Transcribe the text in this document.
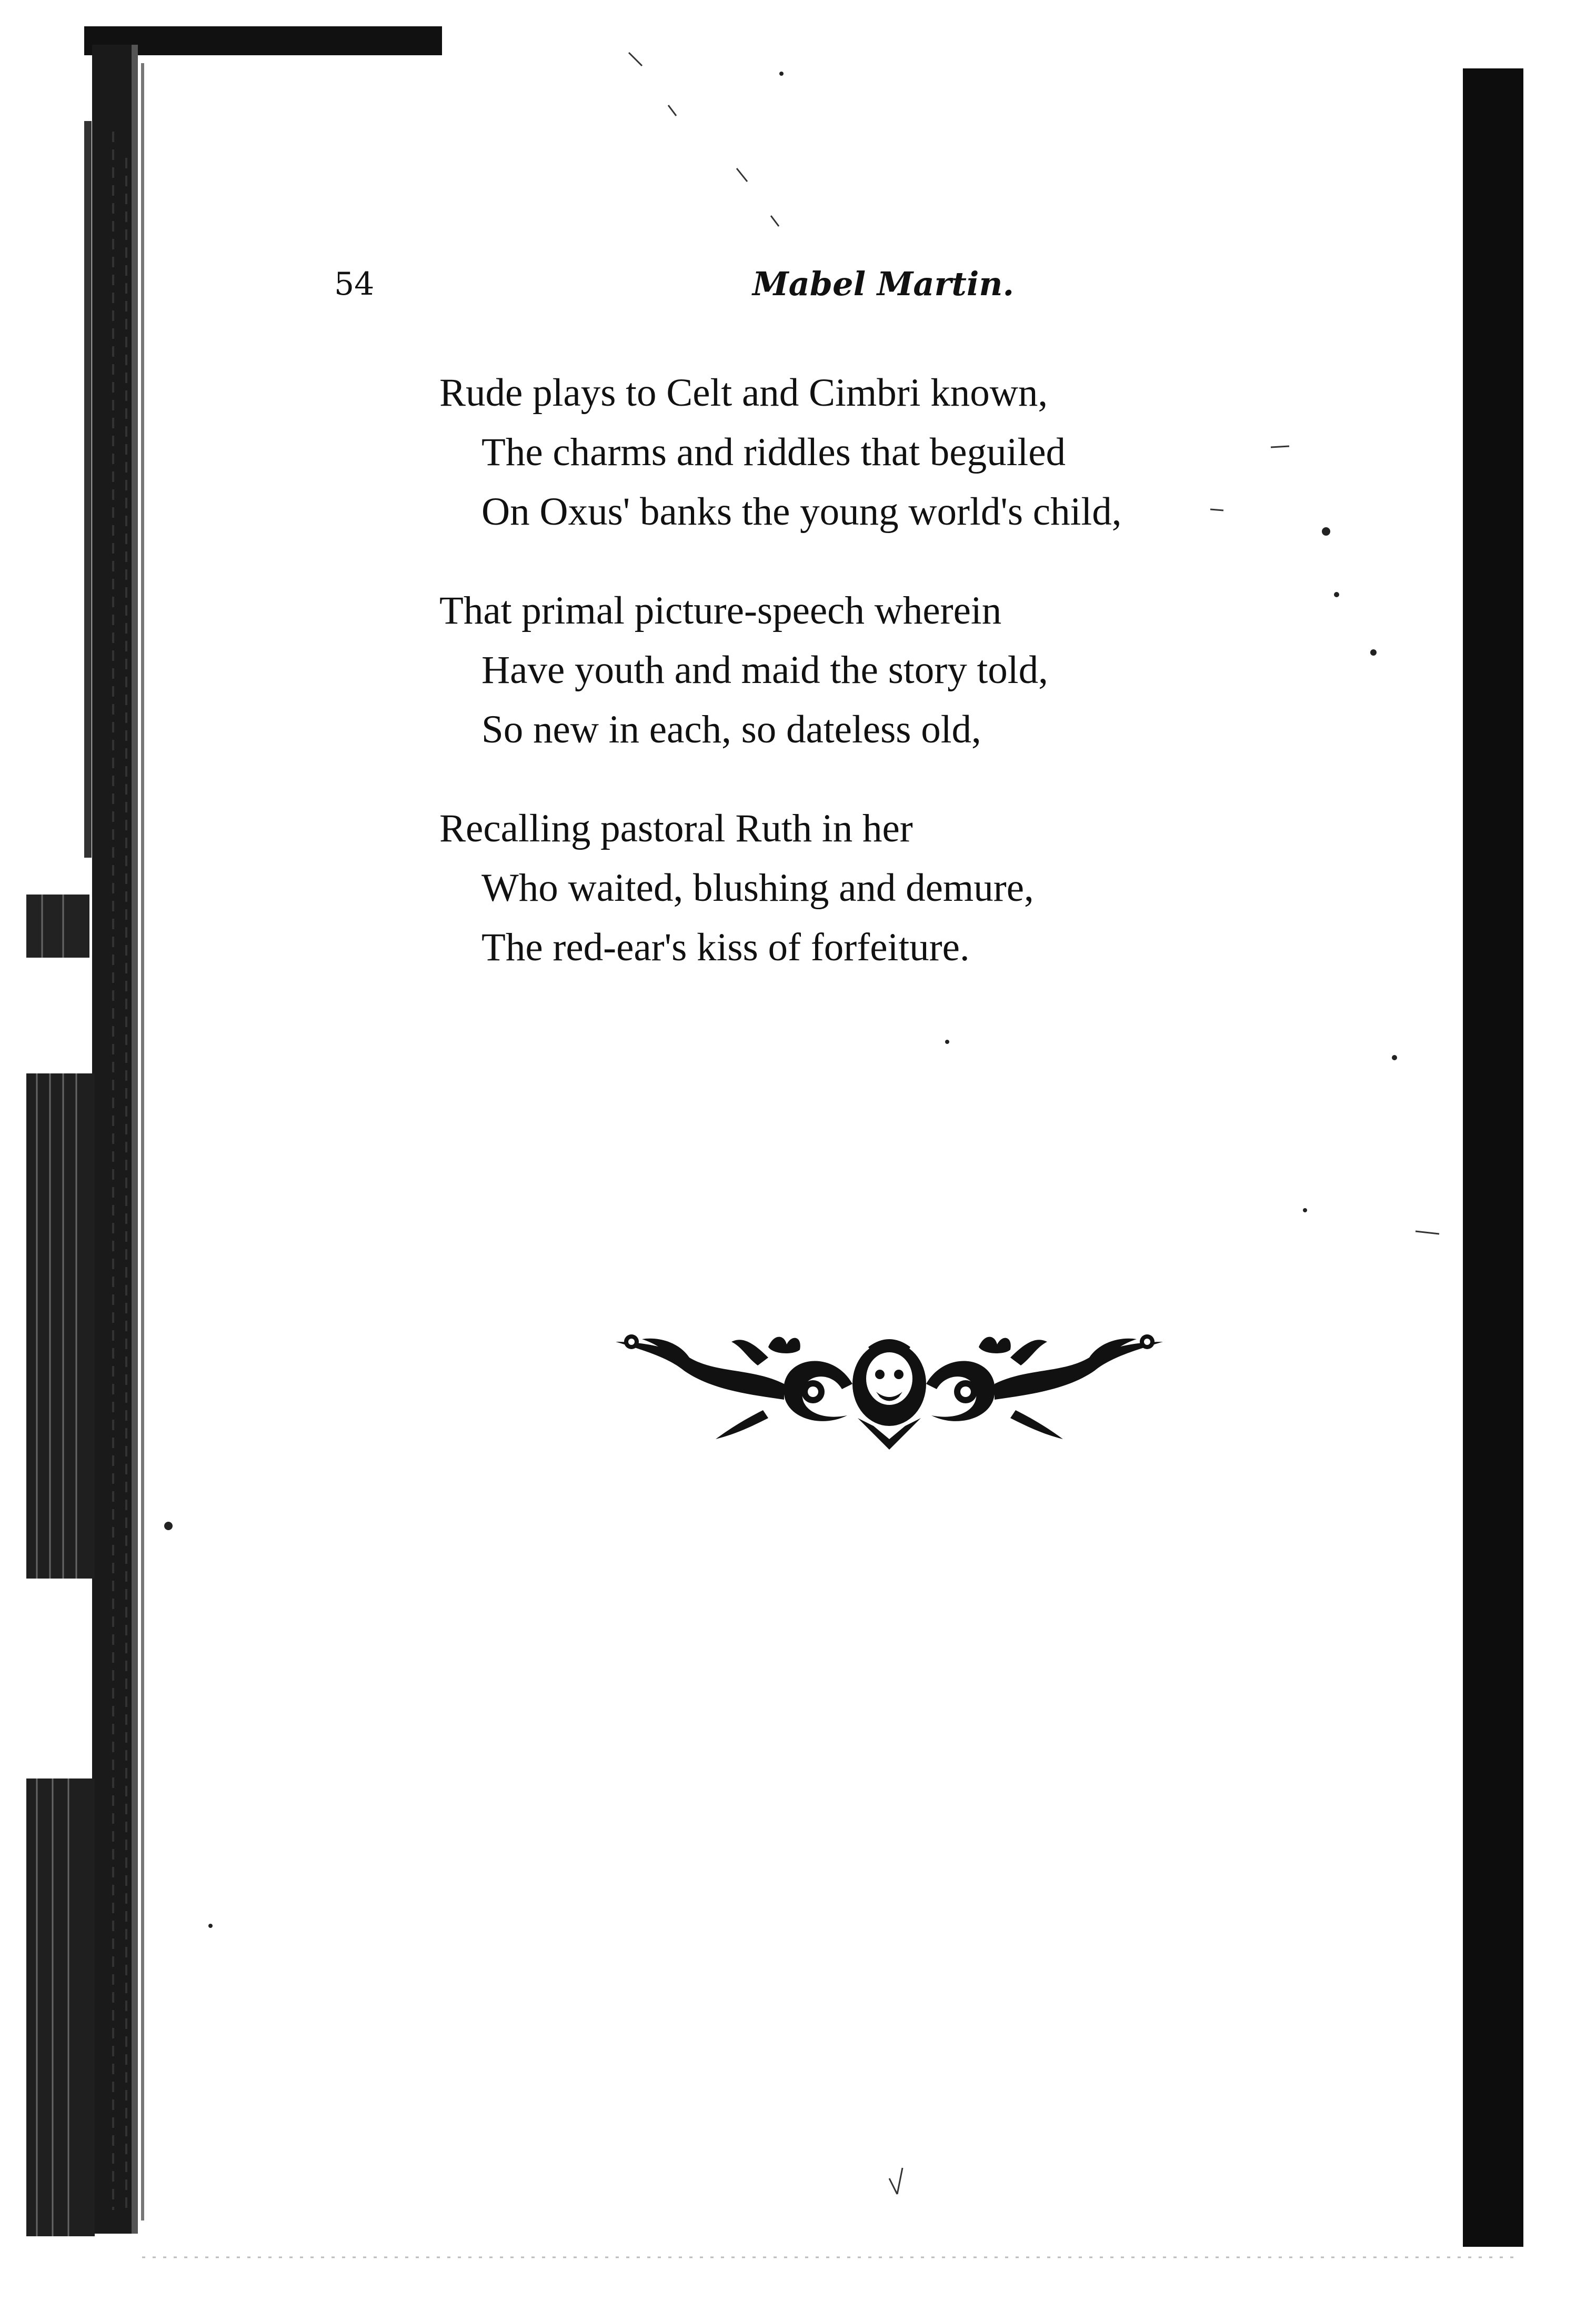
54	Mabel Martin.
Rude plays to Celt and Cimbri known,
The charms and riddles that beguiled
On Oxus' banks the young world's child,
That primal picture-speech wherein
Have youth and maid the story told,
So new in each, so dateless old,
Recalling pastoral Ruth in her
Who waited, blushing and demure,
The red-ear's kiss of forfeiture.
